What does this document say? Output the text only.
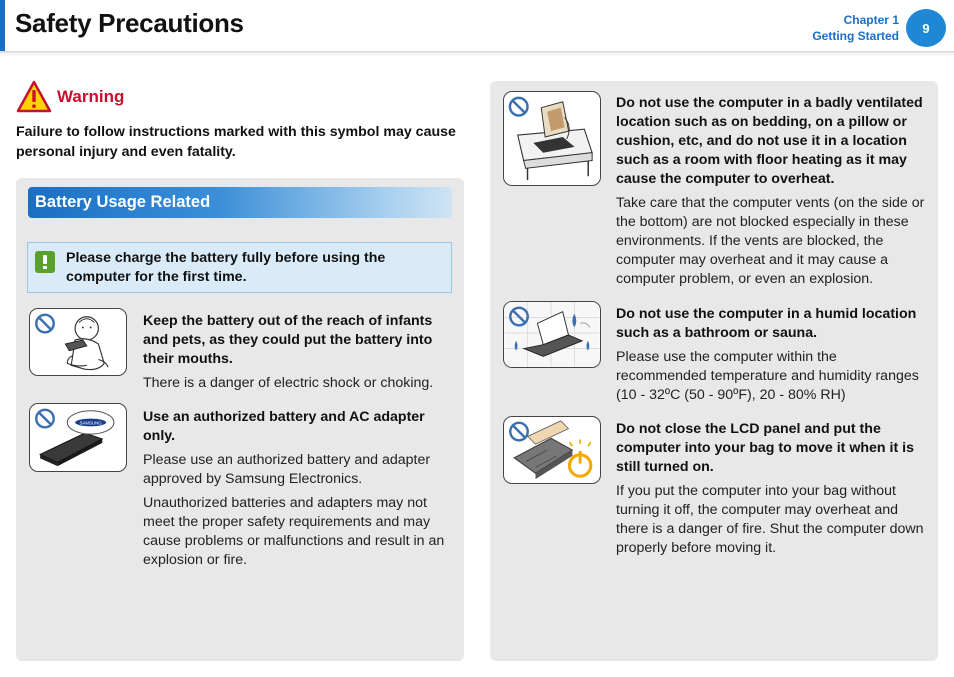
Safety Precautions	Chapter 1
Getting Started
9
Warning
Failure to follow instructions marked with this symbol may cause personal injury and even fatality.
Battery Usage Related
Please charge the battery fully before using the computer for the first time.
Keep the battery out of the reach of infants and pets, as they could put the battery into their mouths.
There is a danger of electric shock or choking.
SAMSUNG	Use an authorized battery and AC adapter only.
Please use an authorized battery and adapter approved by Samsung Electronics.
Unauthorized batteries and adapters may not meet the proper safety requirements and may cause problems or malfunctions and result in an explosion or fire.
Do not use the computer in a badly ventilated location such as on bedding, on a pillow or cushion, etc, and do not use it in a location such as a room with floor heating as it may cause the computer to overheat.
Take care that the computer vents (on the side or the bottom) are not blocked especially in these environments. If the vents are blocked, the computer may overheat and it may cause a computer problem, or even an explosion.
Do not use the computer in a humid location such as a bathroom or sauna.
Please use the computer within the recommended temperature and humidity ranges (10 - 32ºC (50 - 90ºF), 20 - 80% RH)
Do not close the LCD panel and put the computer into your bag to move it when it is still turned on.
If you put the computer into your bag without turning it off, the computer may overheat and there is a danger of fire. Shut the computer down properly before moving it.
